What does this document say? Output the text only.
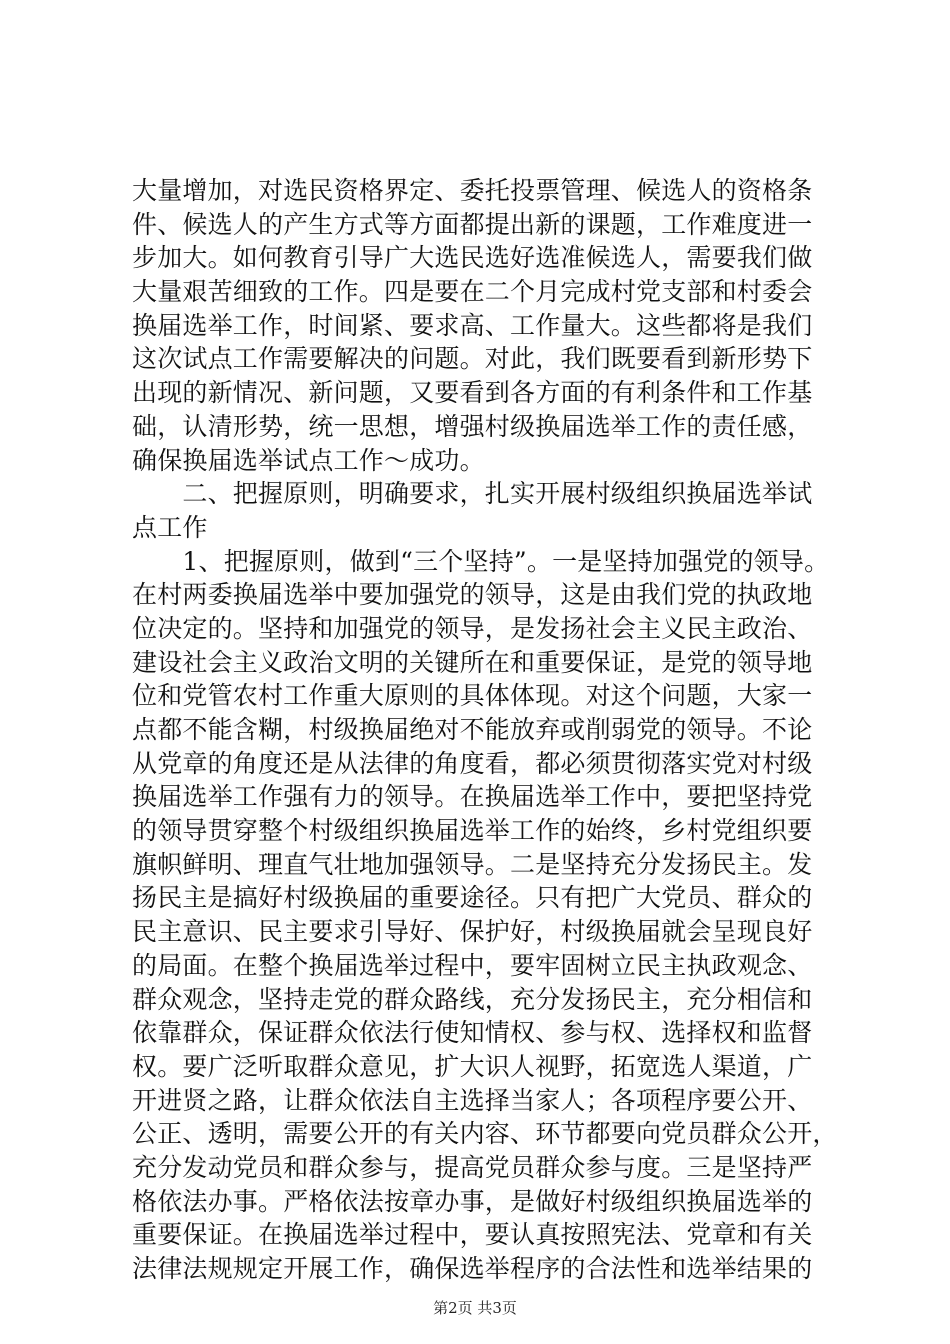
大量增加，对选民资格界定、委托投票管理、候选人的资格条
件、候选人的产生方式等方面都提出新的课题，工作难度进一
步加大。如何教育引导广大选民选好选准候选人，需要我们做
大量艰苦细致的工作。四是要在二个月完成村党支部和村委会
换届选举工作，时间紧、要求高、工作量大。这些都将是我们
这次试点工作需要解决的问题。对此，我们既要看到新形势下
出现的新情况、新问题，又要看到各方面的有利条件和工作基
础，认清形势，统一思想，增强村级换届选举工作的责任感，
确保换届选举试点工作～成功。
　　二、把握原则，明确要求，扎实开展村级组织换届选举试
点工作
　　1、把握原则，做到“三个坚持”。一是坚持加强党的领导。
在村两委换届选举中要加强党的领导，这是由我们党的执政地
位决定的。坚持和加强党的领导，是发扬社会主义民主政治、
建设社会主义政治文明的关键所在和重要保证，是党的领导地
位和党管农村工作重大原则的具体体现。对这个问题，大家一
点都不能含糊，村级换届绝对不能放弃或削弱党的领导。不论
从党章的角度还是从法律的角度看，都必须贯彻落实党对村级
换届选举工作强有力的领导。在换届选举工作中，要把坚持党
的领导贯穿整个村级组织换届选举工作的始终，乡村党组织要
旗帜鲜明、理直气壮地加强领导。二是坚持充分发扬民主。发
扬民主是搞好村级换届的重要途径。只有把广大党员、群众的
民主意识、民主要求引导好、保护好，村级换届就会呈现良好
的局面。在整个换届选举过程中，要牢固树立民主执政观念、
群众观念，坚持走党的群众路线，充分发扬民主，充分相信和
依靠群众，保证群众依法行使知情权、参与权、选择权和监督
权。要广泛听取群众意见，扩大识人视野，拓宽选人渠道，广
开进贤之路，让群众依法自主选择当家人；各项程序要公开、
公正、透明，需要公开的有关内容、环节都要向党员群众公开，
充分发动党员和群众参与，提高党员群众参与度。三是坚持严
格依法办事。严格依法按章办事，是做好村级组织换届选举的
重要保证。在换届选举过程中，要认真按照宪法、党章和有关
法律法规规定开展工作，确保选举程序的合法性和选举结果的
第2页 共3页
